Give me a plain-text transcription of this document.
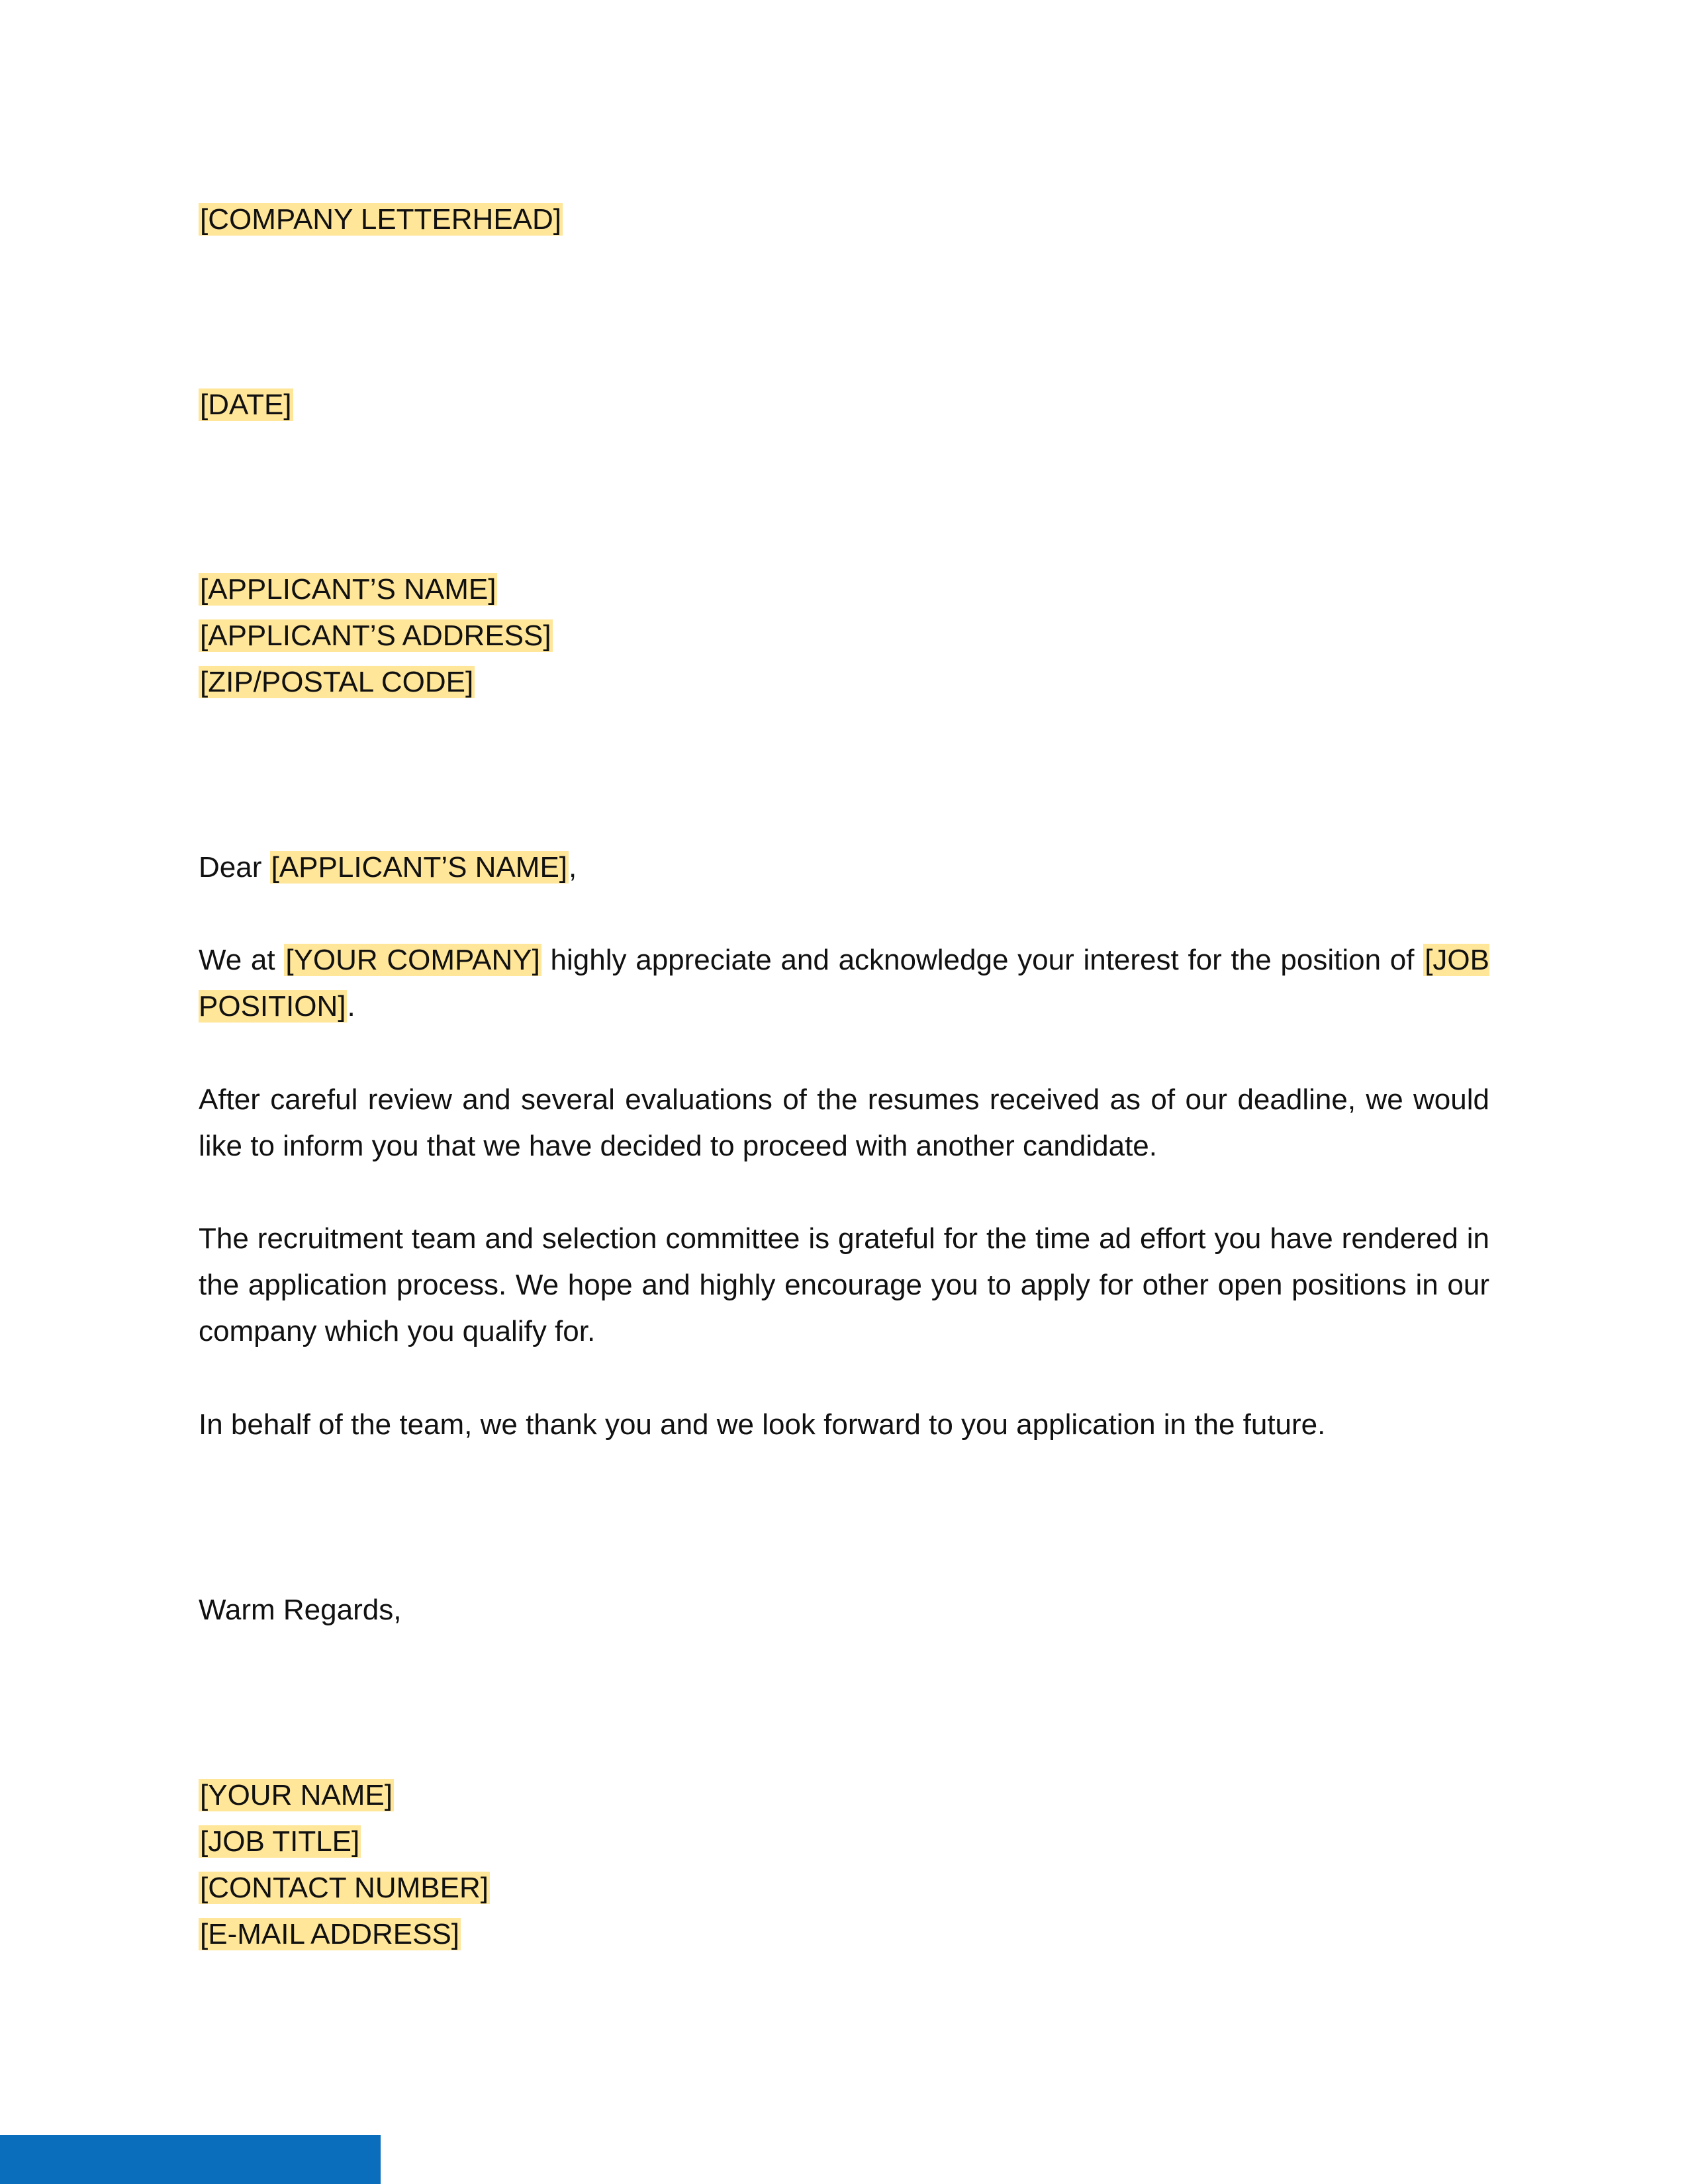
[COMPANY LETTERHEAD]
[DATE]
[APPLICANT’S NAME]
[APPLICANT’S ADDRESS]
[ZIP/POSTAL CODE]
Dear [APPLICANT’S NAME],
We at [YOUR COMPANY] highly appreciate and acknowledge your interest for the position of [JOB POSITION].
After careful review and several evaluations of the resumes received as of our deadline, we would like to inform you that we have decided to proceed with another candidate.
The recruitment team and selection committee is grateful for the time ad effort you have rendered in the application process. We hope and highly encourage you to apply for other open positions in our company which you qualify for.
In behalf of the team, we thank you and we look forward to you application in the future.
Warm Regards,
[YOUR NAME]
[JOB TITLE]
[CONTACT NUMBER]
[E-MAIL ADDRESS]
